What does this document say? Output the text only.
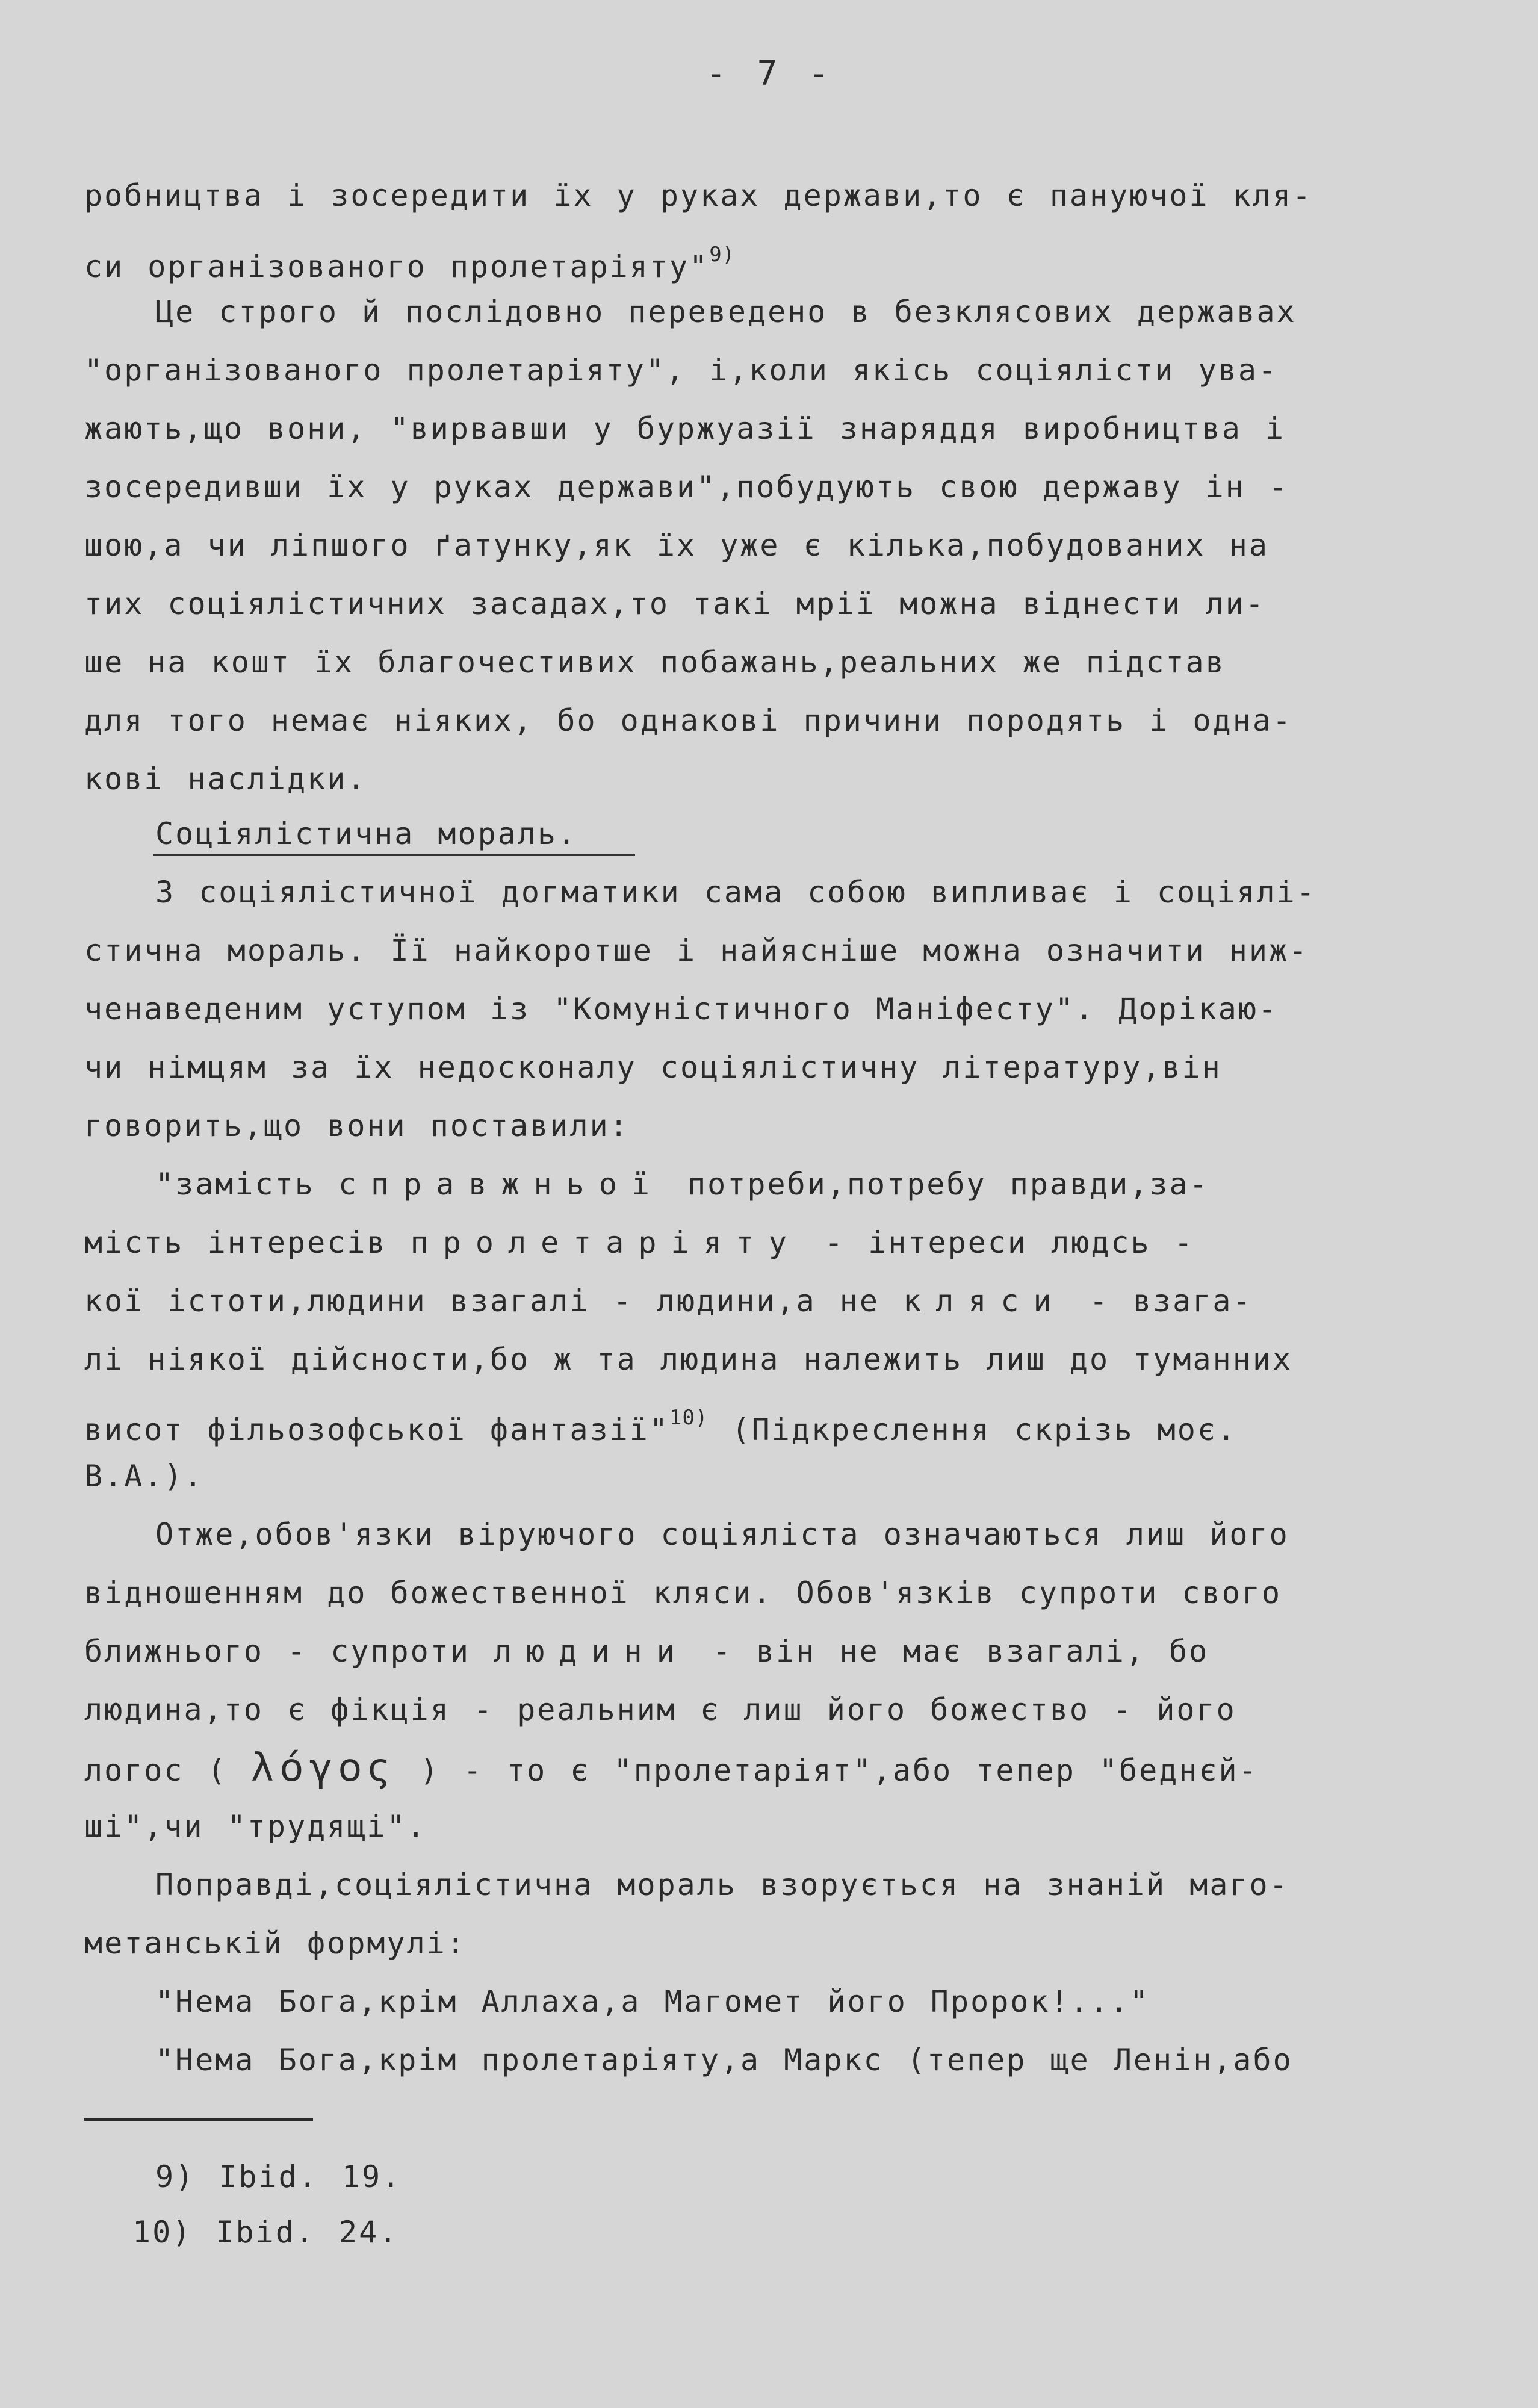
- 7 -
робництва і зосередити їх у руках держави,то є пануючої кля-
си організованого пролетаріяту"$^{9)}$
Це строго й послідовно переведено в безклясових державах
"організованого пролетаріяту", і,коли якісь соціялісти ува-
жають,що вони, "вирвавши у буржуазії знаряддя виробництва і
зосередивши їх у руках держави",побудують свою державу ін -
шою,а чи ліпшого ґатунку,як їх уже є кілька,побудованих на
тих соціялістичних засадах,то такі мрії можна віднести ли-
ше на кошт їх благочестивих побажань,реальних же підстав
для того немає ніяких, бо однакові причини породять і однa-
кові наслідки.
Соціялістична мораль.
З соціялістичної догматики сама собою випливає і соціялі-
стична мораль. Її найкоротше і найясніше можна означити ниж-
ченаведеним уступом із "Комуністичного Маніфесту". Дорікаю-
чи німцям за їх недосконалу соціялістичну літературу,він
говорить,що вони поставили:
"замість справжньої потреби,потребу правди,за-
мість інтересів пролетаріяту - інтереси людсь -
кої істоти,людини взагалі - людини,а не кляси - взага-
лі ніякої дійсности,бо ж та людина належить лиш до туманних
висот фільозофської фантазії"$^{10)}$ (Підкреслення скрізь моє.
В.А.).
Отже,обов'язки віруючого соціяліста означаються лиш його
відношенням до божественної кляси. Обов'язків супроти свого
ближнього - супроти людини - він не має взагалі, бо
людина,то є фікція - реальним є лиш його божество - його
логос ( λόγος ) - то є "пролетаріят",або тепер "беднєй-
ші",чи "трудящі".
Поправді,соціялістична мораль взорується на знаній маго-
метанській формулі:
"Нема Бога,крім Аллаха,а Магомет його Пророк!..."
"Нема Бога,крім пролетаріяту,а Маркс (тепер ще Ленін,або
9) Ibid. 19.
10) Ibid. 24.
